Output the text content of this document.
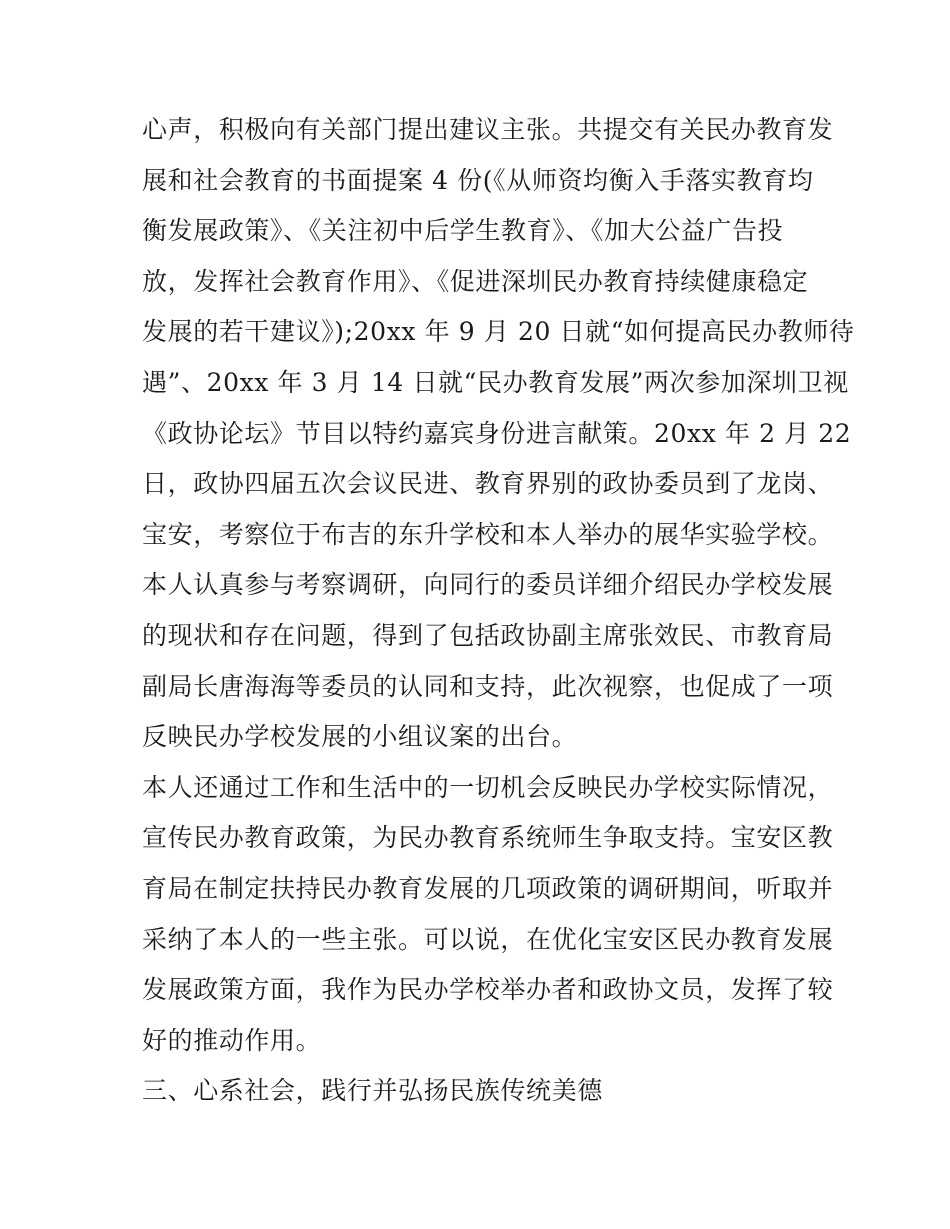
心声，积极向有关部门提出建议主张。共提交有关民办教育发
展和社会教育的书面提案 4 份(《从师资均衡入手落实教育均
衡发展政策》、《关注初中后学生教育》、《加大公益广告投
放，发挥社会教育作用》、《促进深圳民办教育持续健康稳定
发展的若干建议》);20xx 年 9 月 20 日就“如何提高民办教师待
遇”、20xx 年 3 月 14 日就“民办教育发展”两次参加深圳卫视
《政协论坛》节目以特约嘉宾身份进言献策。20xx 年 2 月 22
日，政协四届五次会议民进、教育界别的政协委员到了龙岗、
宝安，考察位于布吉的东升学校和本人举办的展华实验学校。
本人认真参与考察调研，向同行的委员详细介绍民办学校发展
的现状和存在问题，得到了包括政协副主席张效民、市教育局
副局长唐海海等委员的认同和支持，此次视察，也促成了一项
反映民办学校发展的小组议案的出台。
本人还通过工作和生活中的一切机会反映民办学校实际情况，
宣传民办教育政策，为民办教育系统师生争取支持。宝安区教
育局在制定扶持民办教育发展的几项政策的调研期间，听取并
采纳了本人的一些主张。可以说，在优化宝安区民办教育发展
发展政策方面，我作为民办学校举办者和政协文员，发挥了较
好的推动作用。
三、心系社会，践行并弘扬民族传统美德
